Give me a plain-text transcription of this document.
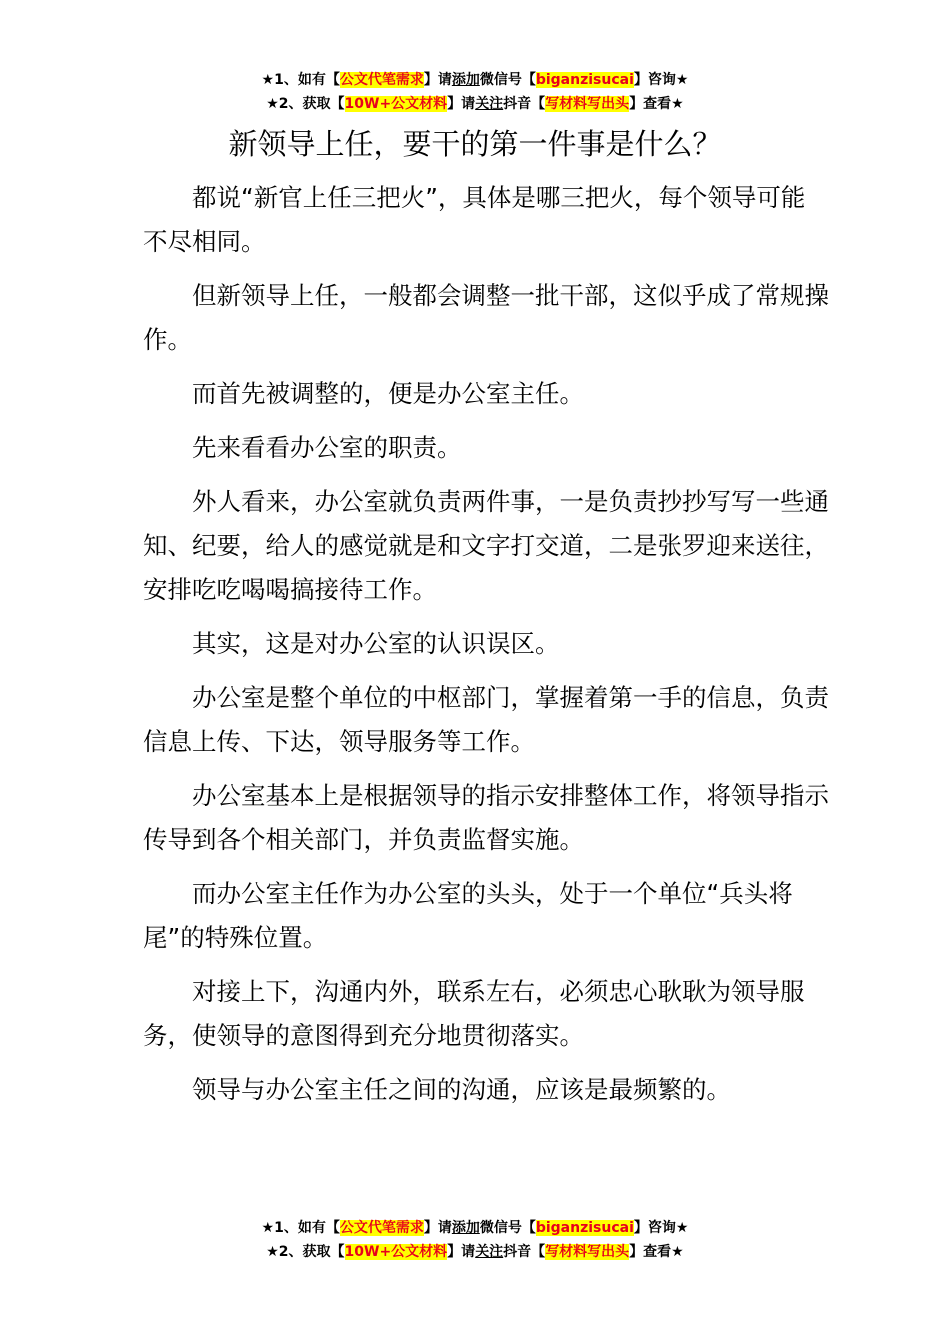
★1、如有【公文代笔需求】请添加微信号【biganzisucai】咨询★
★2、获取【10W+公文材料】请关注抖音【写材料写出头】查看★
新领导上任，要干的第一件事是什么？

都说“新官上任三把火”，具体是哪三把火，每个领导可能不尽相同。

但新领导上任，一般都会调整一批干部，这似乎成了常规操作。

而首先被调整的，便是办公室主任。

先来看看办公室的职责。

外人看来，办公室就负责两件事，一是负责抄抄写写一些通知、纪要，给人的感觉就是和文字打交道，二是张罗迎来送往，安排吃吃喝喝搞接待工作。

其实，这是对办公室的认识误区。

办公室是整个单位的中枢部门，掌握着第一手的信息，负责信息上传、下达，领导服务等工作。

办公室基本上是根据领导的指示安排整体工作，将领导指示传导到各个相关部门，并负责监督实施。

而办公室主任作为办公室的头头，处于一个单位“兵头将尾”的特殊位置。

对接上下，沟通内外，联系左右，必须忠心耿耿为领导服务，使领导的意图得到充分地贯彻落实。

领导与办公室主任之间的沟通，应该是最频繁的。

★1、如有【公文代笔需求】请添加微信号【biganzisucai】咨询★
★2、获取【10W+公文材料】请关注抖音【写材料写出头】查看★
